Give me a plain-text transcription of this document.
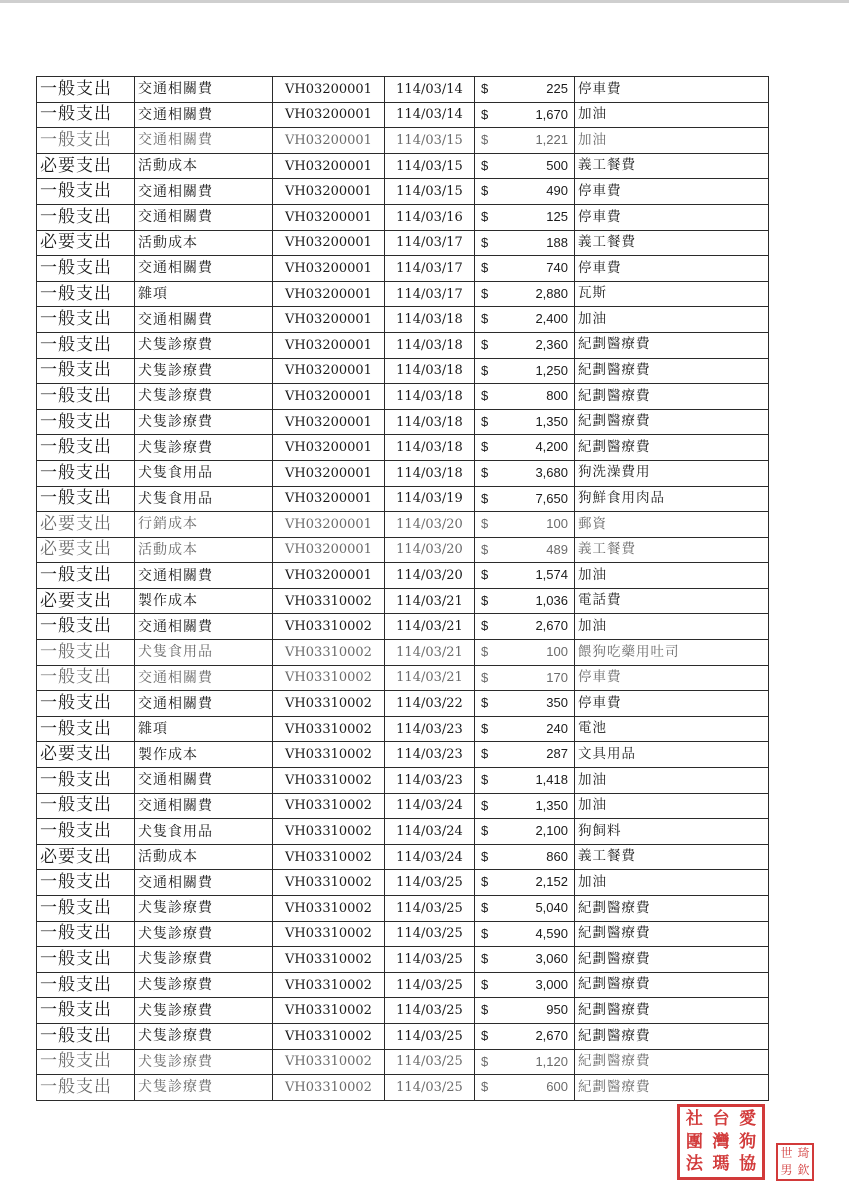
一般支出	交通相關費	VH03200001	114/03/14	$ 225	停車費
一般支出	交通相關費	VH03200001	114/03/14	$ 1,670	加油
一般支出	交通相關費	VH03200001	114/03/15	$ 1,221	加油
必要支出	活動成本	VH03200001	114/03/15	$ 500	義工餐費
一般支出	交通相關費	VH03200001	114/03/15	$ 490	停車費
一般支出	交通相關費	VH03200001	114/03/16	$ 125	停車費
必要支出	活動成本	VH03200001	114/03/17	$ 188	義工餐費
一般支出	交通相關費	VH03200001	114/03/17	$ 740	停車費
一般支出	雜項	VH03200001	114/03/17	$ 2,880	瓦斯
一般支出	交通相關費	VH03200001	114/03/18	$ 2,400	加油
一般支出	犬隻診療費	VH03200001	114/03/18	$ 2,360	紀劃醫療費
一般支出	犬隻診療費	VH03200001	114/03/18	$ 1,250	紀劃醫療費
一般支出	犬隻診療費	VH03200001	114/03/18	$ 800	紀劃醫療費
一般支出	犬隻診療費	VH03200001	114/03/18	$ 1,350	紀劃醫療費
一般支出	犬隻診療費	VH03200001	114/03/18	$ 4,200	紀劃醫療費
一般支出	犬隻食用品	VH03200001	114/03/18	$ 3,680	狗洗澡費用
一般支出	犬隻食用品	VH03200001	114/03/19	$ 7,650	狗鮮食用肉品
必要支出	行銷成本	VH03200001	114/03/20	$ 100	郵資
必要支出	活動成本	VH03200001	114/03/20	$ 489	義工餐費
一般支出	交通相關費	VH03200001	114/03/20	$ 1,574	加油
必要支出	製作成本	VH03310002	114/03/21	$ 1,036	電話費
一般支出	交通相關費	VH03310002	114/03/21	$ 2,670	加油
一般支出	犬隻食用品	VH03310002	114/03/21	$ 100	餵狗吃藥用吐司
一般支出	交通相關費	VH03310002	114/03/21	$ 170	停車費
一般支出	交通相關費	VH03310002	114/03/22	$ 350	停車費
一般支出	雜項	VH03310002	114/03/23	$ 240	電池
必要支出	製作成本	VH03310002	114/03/23	$ 287	文具用品
一般支出	交通相關費	VH03310002	114/03/23	$ 1,418	加油
一般支出	交通相關費	VH03310002	114/03/24	$ 1,350	加油
一般支出	犬隻食用品	VH03310002	114/03/24	$ 2,100	狗飼料
必要支出	活動成本	VH03310002	114/03/24	$ 860	義工餐費
一般支出	交通相關費	VH03310002	114/03/25	$ 2,152	加油
一般支出	犬隻診療費	VH03310002	114/03/25	$ 5,040	紀劃醫療費
一般支出	犬隻診療費	VH03310002	114/03/25	$ 4,590	紀劃醫療費
一般支出	犬隻診療費	VH03310002	114/03/25	$ 3,060	紀劃醫療費
一般支出	犬隻診療費	VH03310002	114/03/25	$ 3,000	紀劃醫療費
一般支出	犬隻診療費	VH03310002	114/03/25	$ 950	紀劃醫療費
一般支出	犬隻診療費	VH03310002	114/03/25	$ 2,670	紀劃醫療費
一般支出	犬隻診療費	VH03310002	114/03/25	$ 1,120	紀劃醫療費
一般支出	犬隻診療費	VH03310002	114/03/25	$ 600	紀劃醫療費
社 台 愛
團 灣 狗
法 瑪 協
世 琦
男 欽
